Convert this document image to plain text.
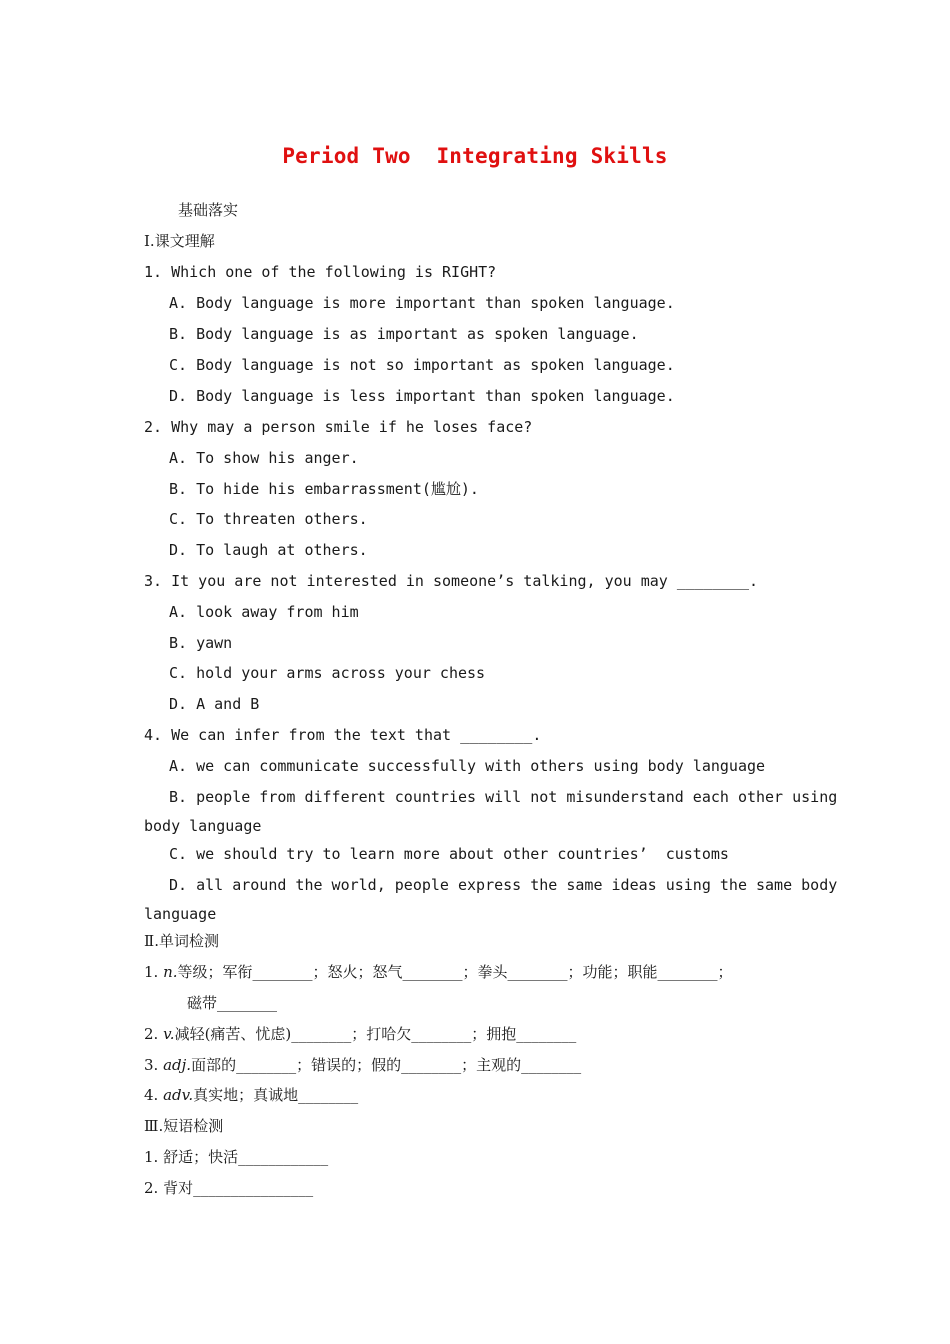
Period Two  Integrating Skills
基础落实
Ⅰ.课文理解
1. Which one of the following is RIGHT?
A. Body language is more important than spoken language.
B. Body language is as important as spoken language.
C. Body language is not so important as spoken language.
D. Body language is less important than spoken language.
2. Why may a person smile if he loses face?
A. To show his anger.
B. To hide his embarrassment(尴尬).
C. To threaten others.
D. To laugh at others.
3. It you are not interested in someone’s talking, you may ________.
A. look away from him
B. yawn
C. hold your arms across your chess
D. A and B
4. We can infer from the text that ________.
A. we can communicate successfully with others using body language
B. people from different countries will not misunderstand each other using
body language
C. we should try to learn more about other countries’  customs
D. all around the world, people express the same ideas using the same body
language
Ⅱ.单词检测
1. n.等级；军衔________；怒火；怒气________；拳头________；功能；职能________；
磁带________
2. v.减轻(痛苦、忧虑)________；打哈欠________；拥抱________
3. adj.面部的________；错误的；假的________；主观的________
4. adv.真实地；真诚地________
Ⅲ.短语检测
1. 舒适；快活____________
2. 背对________________
